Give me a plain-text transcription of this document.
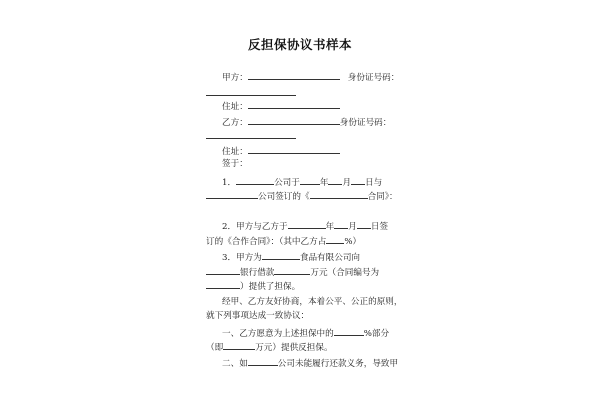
反担保协议书样本
甲方：	身份证号码：
住址：
乙方：	身份证号码：
住址：
签于：
1．	公司于 年 月 日与
公司签订的《	合同》：
2．甲方与乙方于	年 月 日签
订的《合作合同》：（其中乙方占 %）
3．甲方为	食品有限公司向
银行借款	万元（合同编号为
）提供了担保。
经甲、乙方友好协商，本着公平、公正的原则，
就下列事项达成一致协议：
一、乙方愿意为上述担保中的	%部分
（即	万元）提供反担保。
二、如	公司未能履行还款义务，导致甲
